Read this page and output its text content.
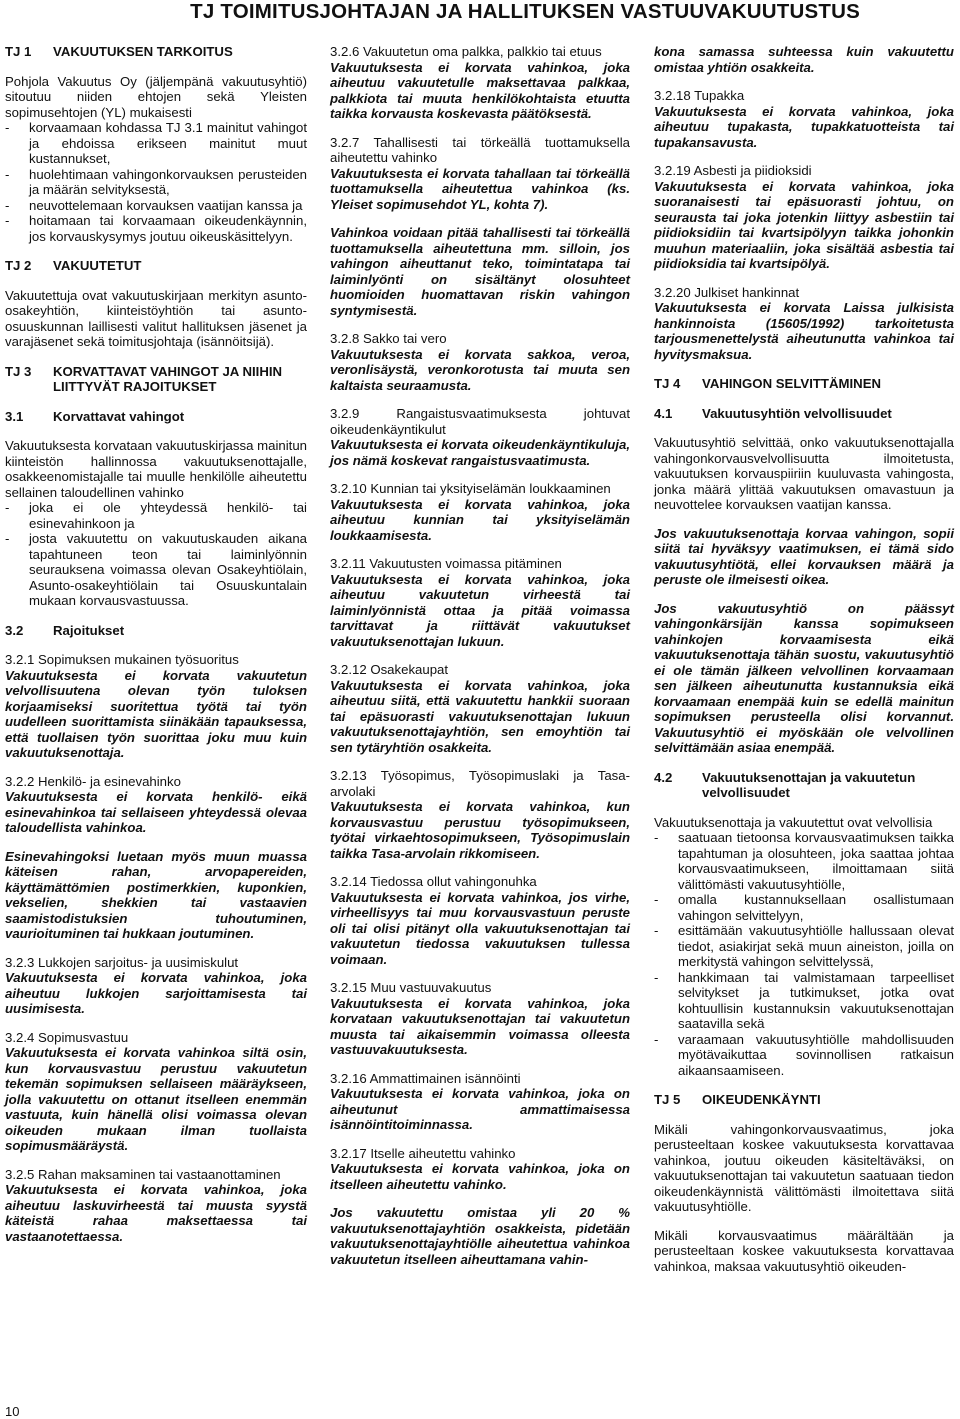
TJ TOIMITUSJOHTAJAN JA HALLITUKSEN VASTUUVAKUUTUSTUS
TJ 1	VAKUUTUKSEN TARKOITUS

Pohjola Vakuutus Oy (jäljempänä vakuutusyhtiö) sitoutuu niiden ehtojen sekä Yleisten sopimusehtojen (YL) mukaisesti

- korvaamaan kohdassa TJ 3.1 mainitut vahingot ja ehdoissa erikseen mainitut muut kustannukset,
- huolehtimaan vahingonkorvauksen perusteiden ja määrän selvityksestä,
- neuvottelemaan korvauksen vaatijan kanssa ja
- hoitamaan tai korvaamaan oikeudenkäynnin, jos korvauskysymys joutuu oikeuskäsittelyyn.
TJ 2	VAKUUTETUT

Vakuutettuja ovat vakuutuskirjaan merkityn asunto-osakeyhtiön, kiinteistöyhtiön tai asunto-osuuskunnan laillisesti valitut hallituksen jäsenet ja varajäsenet sekä toimitusjohtaja (isännöitsijä).

TJ 3	KORVATTAVAT VAHINGOT JA NIIHIN LIITTYVÄT RAJOITUKSET
3.1	Korvattavat vahingot

Vakuutuksesta korvataan vakuutuskirjassa mainitun kiinteistön hallinnossa vakuutuksenottajalle, osakkeenomistajalle tai muulle henkilölle aiheutettu sellainen taloudellinen vahinko

- joka ei ole yhteydessä henkilö- tai esinevahinkoon ja
- josta vakuutettu on vakuutuskauden aikana tapahtuneen teon tai laiminlyönnin seurauksena voimassa olevan Osakeyhtiölain, Asunto-osakeyhtiölain tai Osuuskuntalain mukaan korvausvastuussa.
3.2	Rajoitukset

3.2.1 Sopimuksen mukainen työsuoritus
Vakuutuksesta ei korvata vakuutetun velvollisuutena olevan työn tuloksen korjaamiseksi suoritettua työtä tai työn uudelleen suorittamista siinäkään tapauksessa, että tuollaisen työn suorittaa joku muu kuin vakuutuksenottaja.

3.2.2 Henkilö- ja esinevahinko
Vakuutuksesta ei korvata henkilö- eikä esinevahinkoa tai sellaiseen yhteydessä olevaa taloudellista vahinkoa.

Esinevahingoksi luetaan myös muun muassa käteisen rahan, arvopapereiden, käyttämättömien postimerkkien, kuponkien, vekselien, shekkien tai vastaavien saamistodistuksien tuhoutuminen, vaurioituminen tai hukkaan joutuminen.

3.2.3 Lukkojen sarjoitus- ja uusimiskulut
Vakuutuksesta ei korvata vahinkoa, joka aiheutuu lukkojen sarjoittamisesta tai uusimisesta.

3.2.4 Sopimusvastuu
Vakuutuksesta ei korvata vahinkoa siltä osin, kun korvausvastuu perustuu vakuutetun tekemän sopimuksen sellaiseen määräykseen, jolla vakuutettu on ottanut itselleen enemmän vastuuta, kuin hänellä olisi voimassa olevan oikeuden mukaan ilman tuollaista sopimusmääräystä.

3.2.5 Rahan maksaminen tai vastaanottaminen
Vakuutuksesta ei korvata vahinkoa, joka aiheutuu laskuvirheestä tai muusta syystä käteistä rahaa maksettaessa tai vastaanotettaessa.

3.2.6 Vakuutetun oma palkka, palkkio tai etuus
Vakuutuksesta ei korvata vahinkoa, joka aiheutuu vakuutetulle maksettavaa palkkaa, palkkiota tai muuta henkilökohtaista etuutta taikka korvausta koskevasta päätöksestä.

3.2.7 Tahallisesti tai törkeällä tuottamuksella aiheutettu vahinko
Vakuutuksesta ei korvata tahallaan tai törkeällä tuottamuksella aiheutettua vahinkoa (ks. Yleiset sopimusehdot YL, kohta 7).

Vahinkoa voidaan pitää tahallisesti tai törkeällä tuottamuksella aiheutettuna mm. silloin, jos vahingon aiheuttanut teko, toimintatapa tai laiminlyönti on sisältänyt olosuhteet huomioiden huomattavan riskin vahingon syntymisestä.

3.2.8 Sakko tai vero
Vakuutuksesta ei korvata sakkoa, veroa, veronlisäystä, veronkorotusta tai muuta sen kaltaista seuraamusta.

3.2.9 Rangaistusvaatimuksesta johtuvat oikeudenkäyntikulut
Vakuutuksesta ei korvata oikeudenkäyntikuluja, jos nämä koskevat rangaistusvaatimusta.

3.2.10 Kunnian tai yksityiselämän loukkaaminen
Vakuutuksesta ei korvata vahinkoa, joka aiheutuu kunnian tai yksityiselämän loukkaamisesta.

3.2.11 Vakuutusten voimassa pitäminen
Vakuutuksesta ei korvata vahinkoa, joka aiheutuu vakuutetun virheestä tai laiminlyönnistä ottaa ja pitää voimassa tarvittavat ja riittävät vakuutukset vakuutuksenottajan lukuun.

3.2.12 Osakekaupat
Vakuutuksesta ei korvata vahinkoa, joka aiheutuu siitä, että vakuutettu hankkii suoraan tai epäsuorasti vakuutuksenottajan lukuun vakuutuksenottajayhtiön, sen emoyhtiön tai sen tytäryhtiön osakkeita.

3.2.13 Työsopimus, Työsopimuslaki ja Tasa-arvolaki
Vakuutuksesta ei korvata vahinkoa, kun korvausvastuu perustuu työsopimukseen, työtai virkaehtosopimukseen, Työsopimuslain taikka Tasa-arvolain rikkomiseen.

3.2.14 Tiedossa ollut vahingonuhka
Vakuutuksesta ei korvata vahinkoa, jos virhe, virheellisyys tai muu korvausvastuun peruste oli tai olisi pitänyt olla vakuutuksenottajan tai vakuutetun tiedossa vakuutuksen tullessa voimaan.

3.2.15 Muu vastuuvakuutus
Vakuutuksesta ei korvata vahinkoa, joka korvataan vakuutuksenottajan tai vakuutetun muusta tai aikaisemmin voimassa olleesta vastuuvakuutuksesta.

3.2.16 Ammattimainen isännöinti
Vakuutuksesta ei korvata vahinkoa, joka on aiheutunut ammattimaisessa isännöintitoiminnassa.

3.2.17 Itselle aiheutettu vahinko
Vakuutuksesta ei korvata vahinkoa, joka on itselleen aiheutettu vahinko.

Jos vakuutettu omistaa yli 20 % vakuutuksenottajayhtiön osakkeista, pidetään vakuutuksenottajayhtiölle aiheutettua vahinkoa vakuutetun itselleen aiheuttamana vahin-

kona samassa suhteessa kuin vakuutettu omistaa yhtiön osakkeita.

3.2.18 Tupakka
Vakuutuksesta ei korvata vahinkoa, joka aiheutuu tupakasta, tupakkatuotteista tai tupakansavusta.

3.2.19 Asbesti ja piidioksidi
Vakuutuksesta ei korvata vahinkoa, joka suoranaisesti tai epäsuorasti johtuu, on seurausta tai joka jotenkin liittyy asbestiin tai piidioksidiin tai kvartsipölyyn taikka johonkin muuhun materiaaliin, joka sisältää asbestia tai piidioksidia tai kvartsipölyä.

3.2.20 Julkiset hankinnat
Vakuutuksesta ei korvata Laissa julkisista hankinnoista (15605/1992) tarkoitetusta tarjousmenettelystä aiheutunutta vahinkoa tai hyvitysmaksua.

TJ 4	VAHINGON SELVITTÄMINEN
4.1	Vakuutusyhtiön velvollisuudet

Vakuutusyhtiö selvittää, onko vakuutuksenottajalla vahingonkorvausvelvollisuutta ilmoitetusta, vakuutuksen korvauspiiriin kuuluvasta vahingosta, jonka määrä ylittää vakuutuksen omavastuun ja neuvottelee korvauksen vaatijan kanssa.

Jos vakuutuksenottaja korvaa vahingon, sopii siitä tai hyväksyy vaatimuksen, ei tämä sido vakuutusyhtiötä, ellei korvauksen määrä ja peruste ole ilmeisesti oikea.

Jos vakuutusyhtiö on päässyt vahingonkärsijän kanssa sopimukseen vahinkojen korvaamisesta eikä vakuutuksenottaja tähän suostu, vakuutusyhtiö ei ole tämän jälkeen velvollinen korvaamaan sen jälkeen aiheutunutta kustannuksia eikä korvaamaan enempää kuin se edellä mainitun sopimuksen perusteella olisi korvannut. Vakuutusyhtiö ei myöskään ole velvollinen selvittämään asiaa enempää.

4.2	Vakuutuksenottajan ja vakuutetun velvollisuudet

Vakuutuksenottaja ja vakuutettut ovat velvollisia

- saatuaan tietoonsa korvausvaatimuksen taikka tapahtuman ja olosuhteen, joka saattaa johtaa korvausvaatimukseen, ilmoittamaan siitä välittömästi vakuutusyhtiölle,
- omalla kustannuksellaan osallistumaan vahingon selvittelyyn,
- esittämään vakuutusyhtiölle hallussaan olevat tiedot, asiakirjat sekä muun aineiston, joilla on merkitystä vahingon selvittelyssä,
- hankkimaan tai valmistamaan tarpeelliset selvitykset ja tutkimukset, jotka ovat kohtuullisin kustannuksin vakuutuksenottajan saatavilla sekä
- varaamaan vakuutusyhtiölle mahdollisuuden myötävaikuttaa sovinnollisen ratkaisun aikaansaamiseen.
TJ 5	OIKEUDENKÄYNTI

Mikäli vahingonkorvausvaatimus, joka perusteeltaan koskee vakuutuksesta korvattavaa vahinkoa, joutuu oikeuden käsiteltäväksi, on vakuutuksenottajan tai vakuutetun saatuaan tiedon oikeudenkäynnistä välittömästi ilmoitettava siitä vakuutusyhtiölle.

Mikäli korvausvaatimus määrältään ja perusteeltaan koskee vakuutuksesta korvattavaa vahinkoa, maksaa vakuutusyhtiö oikeuden-

10
